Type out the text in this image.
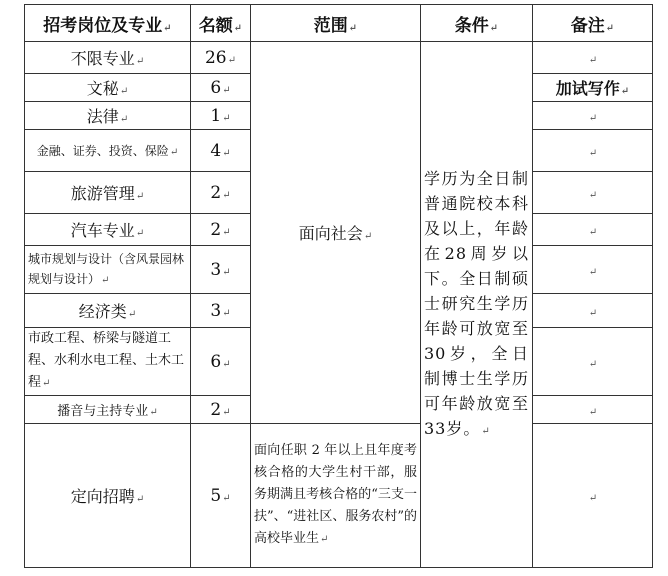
招考岗位及专业↵	名额↵	范围↵	条件↵	备注↵
不限专业↵	26↵	面向社会↵	学历为全日制普通院校本科及以上，年龄在28周岁以下。全日制硕士研究生学历年龄可放宽至30岁，全日制博士生学历可年龄放宽至33岁。↵	↵
文秘↵	6↵			加试写作↵
法律↵	1↵			↵
金融、证券、投资、保险↵	4↵			↵
旅游管理↵	2↵			↵
汽车专业↵	2↵			↵
城市规划与设计（含风景园林规划与设计）↵	3↵			↵
经济类↵	3↵			↵
市政工程、桥梁与隧道工程、水利水电工程、土木工程↵	6↵			↵
播音与主持专业↵	2↵			↵
定向招聘↵	5↵	面向任职 2 年以上且年度考核合格的大学生村干部，服务期满且考核合格的“三支一扶”、“进社区、服务农村”的高校毕业生↵		↵
